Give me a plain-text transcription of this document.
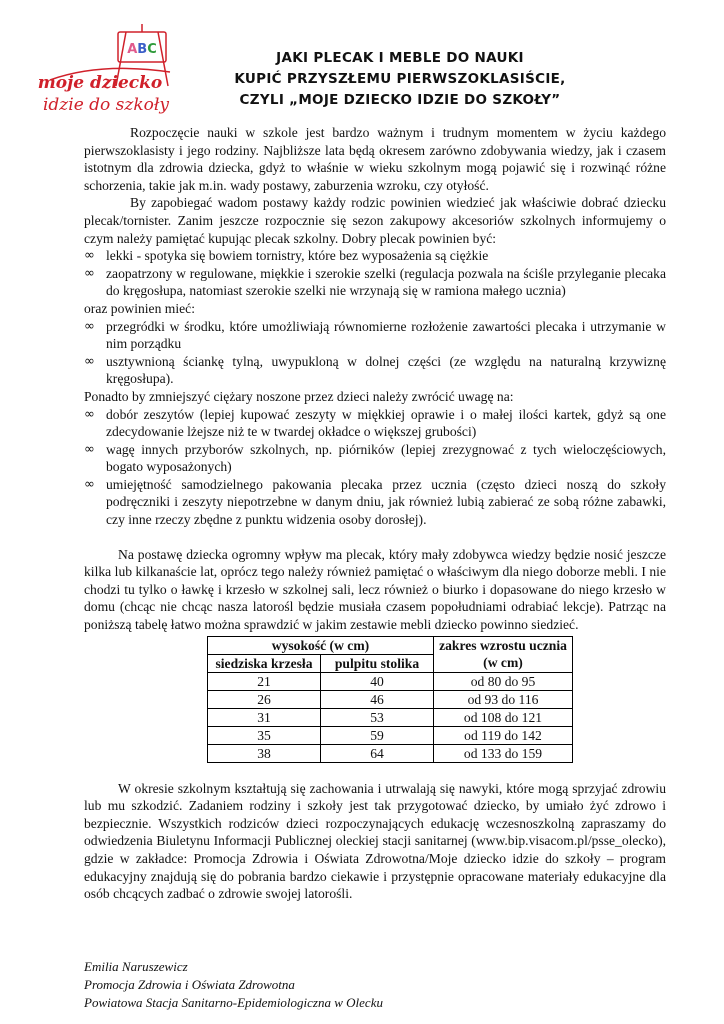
ABC
moje dziecko
idzie do szkoły
JAKI PLECAK I MEBLE DO NAUKI
KUPIĆ PRZYSZŁEMU PIERWSZOKLASIŚCIE,
CZYLI „MOJE DZIECKO IDZIE DO SZKOŁY”

Rozpoczęcie nauki w szkole jest bardzo ważnym i trudnym momentem w życiu każdego pierwszoklasisty i jego rodziny. Najbliższe lata będą okresem zarówno zdobywania wiedzy, jak i czasem istotnym dla zdrowia dziecka, gdyż to właśnie w wieku szkolnym mogą pojawić się i rozwinąć różne schorzenia, takie jak m.in. wady postawy, zaburzenia wzroku, czy otyłość.

By zapobiegać wadom postawy każdy rodzic powinien wiedzieć jak właściwie dobrać dziecku plecak/tornister. Zanim jeszcze rozpocznie się sezon zakupowy akcesoriów szkolnych informujemy o czym należy pamiętać kupując plecak szkolny. Dobry plecak powinien być:

∞ lekki - spotyka się bowiem tornistry, które bez wyposażenia są ciężkie
∞ zaopatrzony w regulowane, miękkie i szerokie szelki (regulacja pozwala na ściśle przyleganie plecaka do kręgosłupa, natomiast szerokie szelki nie wrzynają się w ramiona małego ucznia)

oraz powinien mieć:

∞ przegródki w środku, które umożliwiają równomierne rozłożenie zawartości plecaka i utrzymanie w nim porządku
∞ usztywnioną ściankę tylną, uwypukloną w dolnej części (ze względu na naturalną krzywiznę kręgosłupa).

Ponadto by zmniejszyć ciężary noszone przez dzieci należy zwrócić uwagę na:

∞ dobór zeszytów (lepiej kupować zeszyty w miękkiej oprawie i o małej ilości kartek, gdyż są one zdecydowanie lżejsze niż te w twardej okładce o większej grubości)
∞ wagę innych przyborów szkolnych, np. piórników (lepiej zrezygnować z tych wieloczęściowych, bogato wyposażonych)
∞ umiejętność samodzielnego pakowania plecaka przez ucznia (często dzieci noszą do szkoły podręczniki i zeszyty niepotrzebne w danym dniu, jak również lubią zabierać ze sobą różne zabawki, czy inne rzeczy zbędne z punktu widzenia osoby dorosłej).

Na postawę dziecka ogromny wpływ ma plecak, który mały zdobywca wiedzy będzie nosić jeszcze kilka lub kilkanaście lat, oprócz tego należy również pamiętać o właściwym dla niego doborze mebli. I nie chodzi tu tylko o ławkę i krzesło w szkolnej sali, lecz również o biurko i dopasowane do niego krzesło w domu (chcąc nie chcąc nasza latorośl będzie musiała czasem popołudniami odrabiać lekcje). Patrząc na poniższą tabelę łatwo można sprawdzić w jakim zestawie mebli dziecko powinno siedzieć.

wysokość (w cm)		zakres wzrostu ucznia (w cm)
siedziska krzesła	pulpitu stolika	
21	40	od 80 do 95
26	46	od 93 do 116
31	53	od 108 do 121
35	59	od 119 do 142
38	64	od 133 do 159

W okresie szkolnym kształtują się zachowania i utrwalają się nawyki, które mogą sprzyjać zdrowiu lub mu szkodzić. Zadaniem rodziny i szkoły jest tak przygotować dziecko, by umiało żyć zdrowo i bezpiecznie. Wszystkich rodziców dzieci rozpoczynających edukację wczesnoszkolną zapraszamy do odwiedzenia Biuletynu Informacji Publicznej oleckiej stacji sanitarnej (www.bip.visacom.pl/psse_olecko), gdzie w zakładce: Promocja Zdrowia i Oświata Zdrowotna/Moje dziecko idzie do szkoły – program edukacyjny znajdują się do pobrania bardzo ciekawie i przystępnie opracowane materiały edukacyjne dla osób chcących zadbać o zdrowie swojej latorośli.

Emilia Naruszewicz
Promocja Zdrowia i Oświata Zdrowotna
Powiatowa Stacja Sanitarno-Epidemiologiczna w Olecku
